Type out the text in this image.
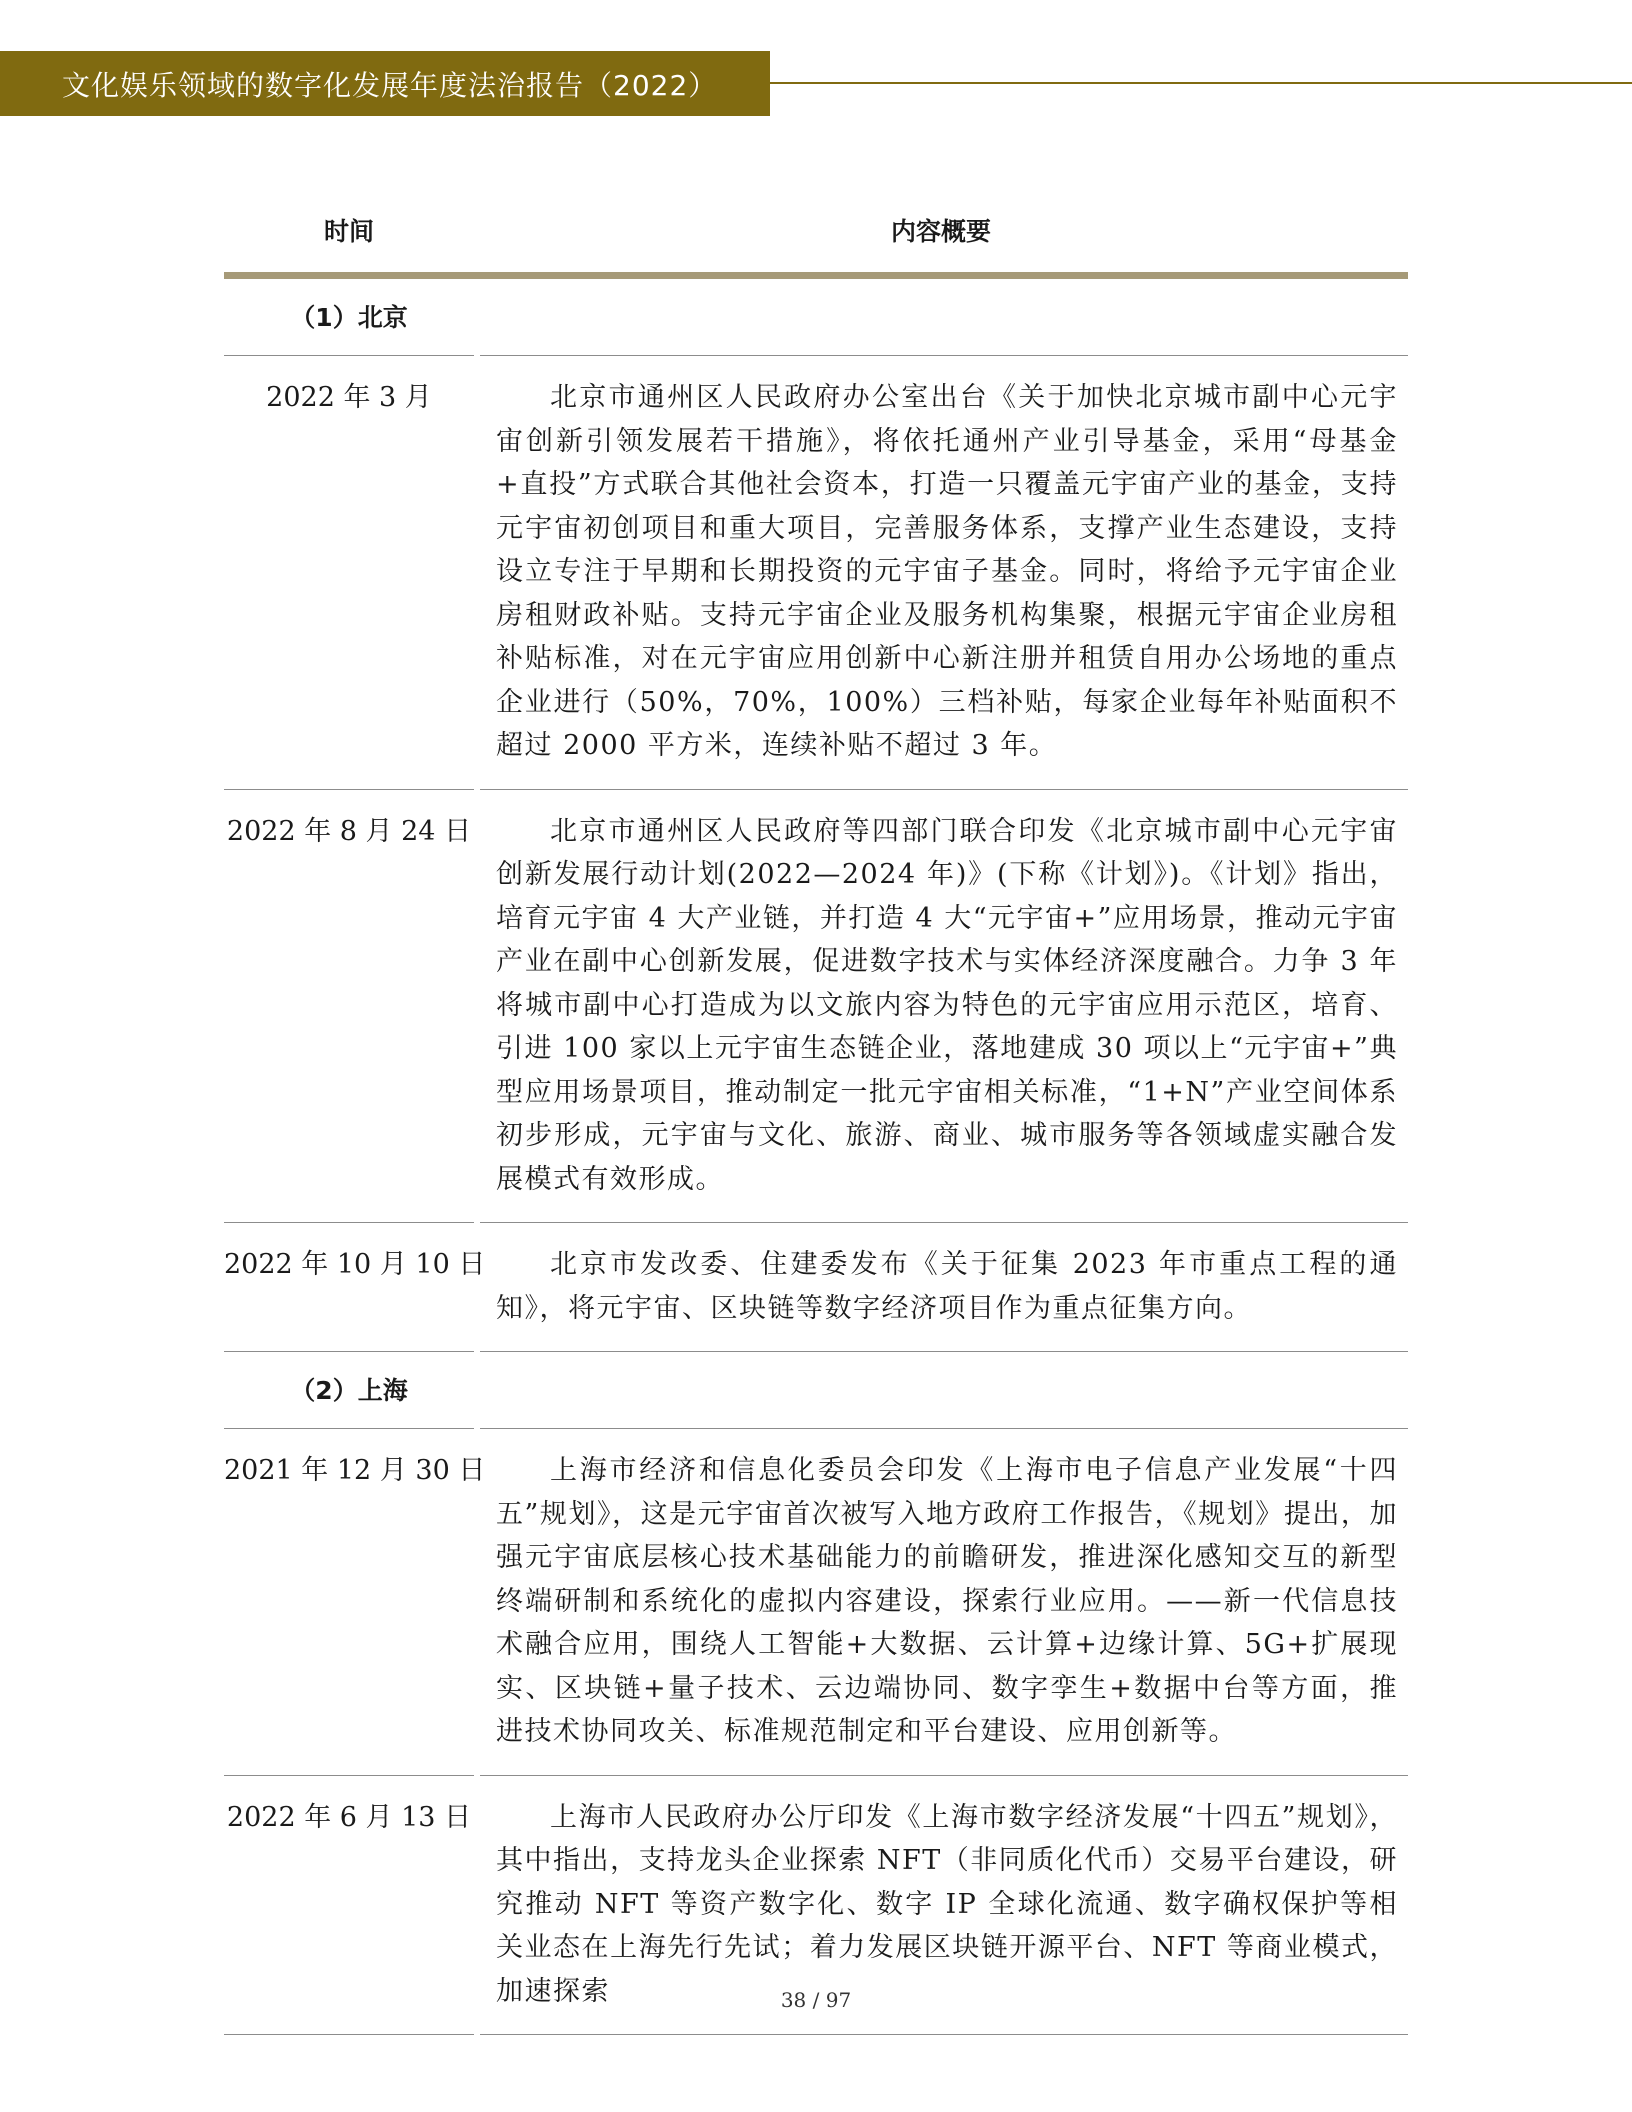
文化娱乐领域的数字化发展年度法治报告（2022）
时间	内容概要
（1）北京
2022 年 3 月	北京市通州区人民政府办公室出台《关于加快北京城市副中心元宇宙创新引领发展若干措施》，将依托通州产业引导基金，采用“母基金+直投”方式联合其他社会资本，打造一只覆盖元宇宙产业的基金，支持元宇宙初创项目和重大项目，完善服务体系，支撑产业生态建设，支持设立专注于早期和长期投资的元宇宙子基金。同时，将给予元宇宙企业房租财政补贴。支持元宇宙企业及服务机构集聚，根据元宇宙企业房租补贴标准，对在元宇宙应用创新中心新注册并租赁自用办公场地的重点企业进行（50%，70%，100%）三档补贴，每家企业每年补贴面积不超过 2000 平方米，连续补贴不超过 3 年。
2022 年 8 月 24 日	北京市通州区人民政府等四部门联合印发《北京城市副中心元宇宙创新发展行动计划(2022—2024 年)》(下称《计划》)。《计划》指出，培育元宇宙 4 大产业链，并打造 4 大“元宇宙+”应用场景，推动元宇宙产业在副中心创新发展，促进数字技术与实体经济深度融合。力争 3 年将城市副中心打造成为以文旅内容为特色的元宇宙应用示范区，培育、引进 100 家以上元宇宙生态链企业，落地建成 30 项以上“元宇宙+”典型应用场景项目，推动制定一批元宇宙相关标准，“1+N”产业空间体系初步形成，元宇宙与文化、旅游、商业、城市服务等各领域虚实融合发展模式有效形成。
2022 年 10 月 10 日	北京市发改委、住建委发布《关于征集 2023 年市重点工程的通知》，将元宇宙、区块链等数字经济项目作为重点征集方向。
（2）上海
2021 年 12 月 30 日	上海市经济和信息化委员会印发《上海市电子信息产业发展“十四五”规划》，这是元宇宙首次被写入地方政府工作报告，《规划》提出，加强元宇宙底层核心技术基础能力的前瞻研发，推进深化感知交互的新型终端研制和系统化的虚拟内容建设，探索行业应用。——新一代信息技术融合应用，围绕人工智能+大数据、云计算+边缘计算、5G+扩展现实、区块链+量子技术、云边端协同、数字孪生+数据中台等方面，推进技术协同攻关、标准规范制定和平台建设、应用创新等。
2022 年 6 月 13 日	上海市人民政府办公厅印发《上海市数字经济发展“十四五”规划》，其中指出，支持龙头企业探索 NFT（非同质化代币）交易平台建设，研究推动 NFT 等资产数字化、数字 IP 全球化流通、数字确权保护等相关业态在上海先行先试；着力发展区块链开源平台、NFT 等商业模式，加速探索	38 / 97
